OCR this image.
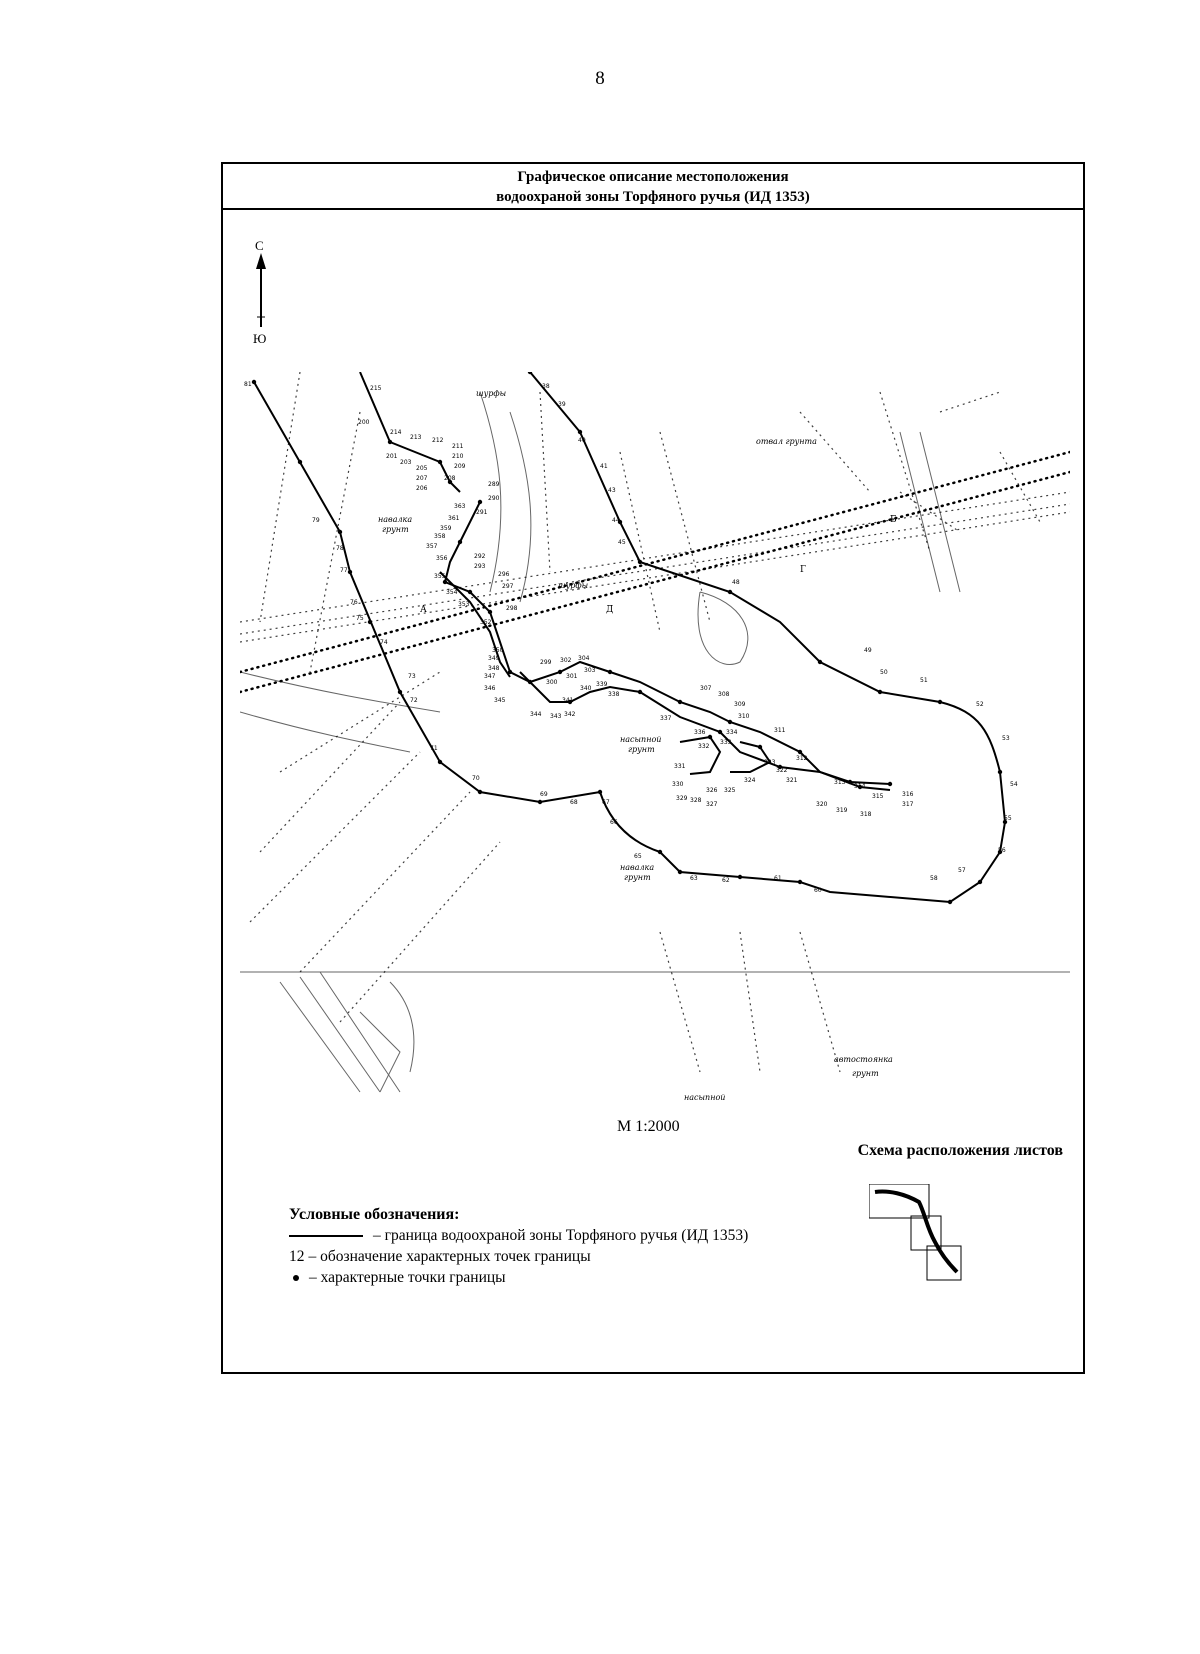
8
Графическое описание местоположения
водоохраной зоны Торфяного ручья (ИД 1353)
С
Ю
81
215
214
213 212
211
210
209
208
207
206
205
203
201
200
38
39
40
41
43
44
45
48
49
50
51
52
53
54
55
56
57
58
60
61
62
63
65
66
67
68
69
70
71
72
73
74
75
76
77
78
79
289
290
291
292
293
296
297
298
299
300
301
302
303
304
307
308
309
310
311
312
313
314
315	316
317
318
319
320
321
322
323
324
325
326
327
328
329
330
331
332
333
334
336
337
338
339
340
341
342
343
344
345
346
347
348
349
350
352
353
354
355
356
357
358
359
361
363
шурфы
навалка
грунт
шурфы
отвал грунта
А	Д
Г
Б
насыпной
грунт
навалка
грунт
автостоянка
грунт
насыпной
М 1:2000
Схема расположения листов
Условные обозначения:
– граница водоохраной зоны Торфяного ручья (ИД 1353)
12 – обозначение характерных точек границы
– характерные точки границы
